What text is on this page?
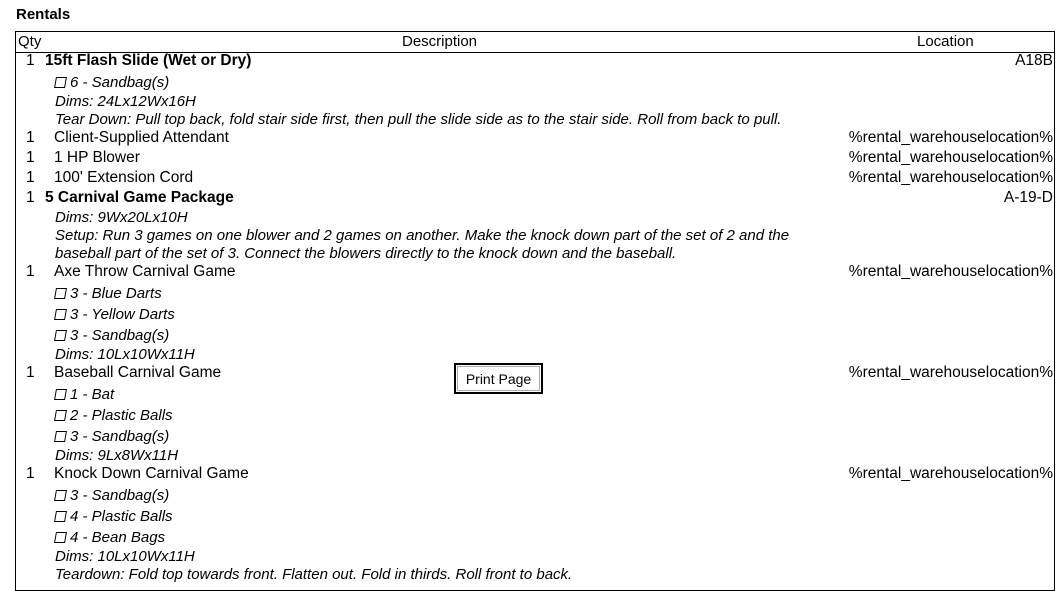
Rentals
Qty	Description	Location
1 15ft Flash Slide (Wet or Dry)	A18B
6 - Sandbag(s)
Dims: 24Lx12Wx16H
Tear Down: Pull top back, fold stair side first, then pull the slide side as to the stair side. Roll from back to pull.
1 Client-Supplied Attendant	%rental_warehouselocation%
1 1 HP Blower	%rental_warehouselocation%
1 100' Extension Cord	%rental_warehouselocation%
1 5 Carnival Game Package	A-19-D
Dims: 9Wx20Lx10H
Setup: Run 3 games on one blower and 2 games on another. Make the knock down part of the set of 2 and the
baseball part of the set of 3. Connect the blowers directly to the knock down and the baseball.
1 Axe Throw Carnival Game	%rental_warehouselocation%
3 - Blue Darts
3 - Yellow Darts
3 - Sandbag(s)
Dims: 10Lx10Wx11H
1 Baseball Carnival Game	%rental_warehouselocation%
1 - Bat
2 - Plastic Balls
3 - Sandbag(s)
Dims: 9Lx8Wx11H
1 Knock Down Carnival Game	%rental_warehouselocation%
3 - Sandbag(s)
4 - Plastic Balls
4 - Bean Bags
Dims: 10Lx10Wx11H
Teardown: Fold top towards front. Flatten out. Fold in thirds. Roll front to back.
Print Page
